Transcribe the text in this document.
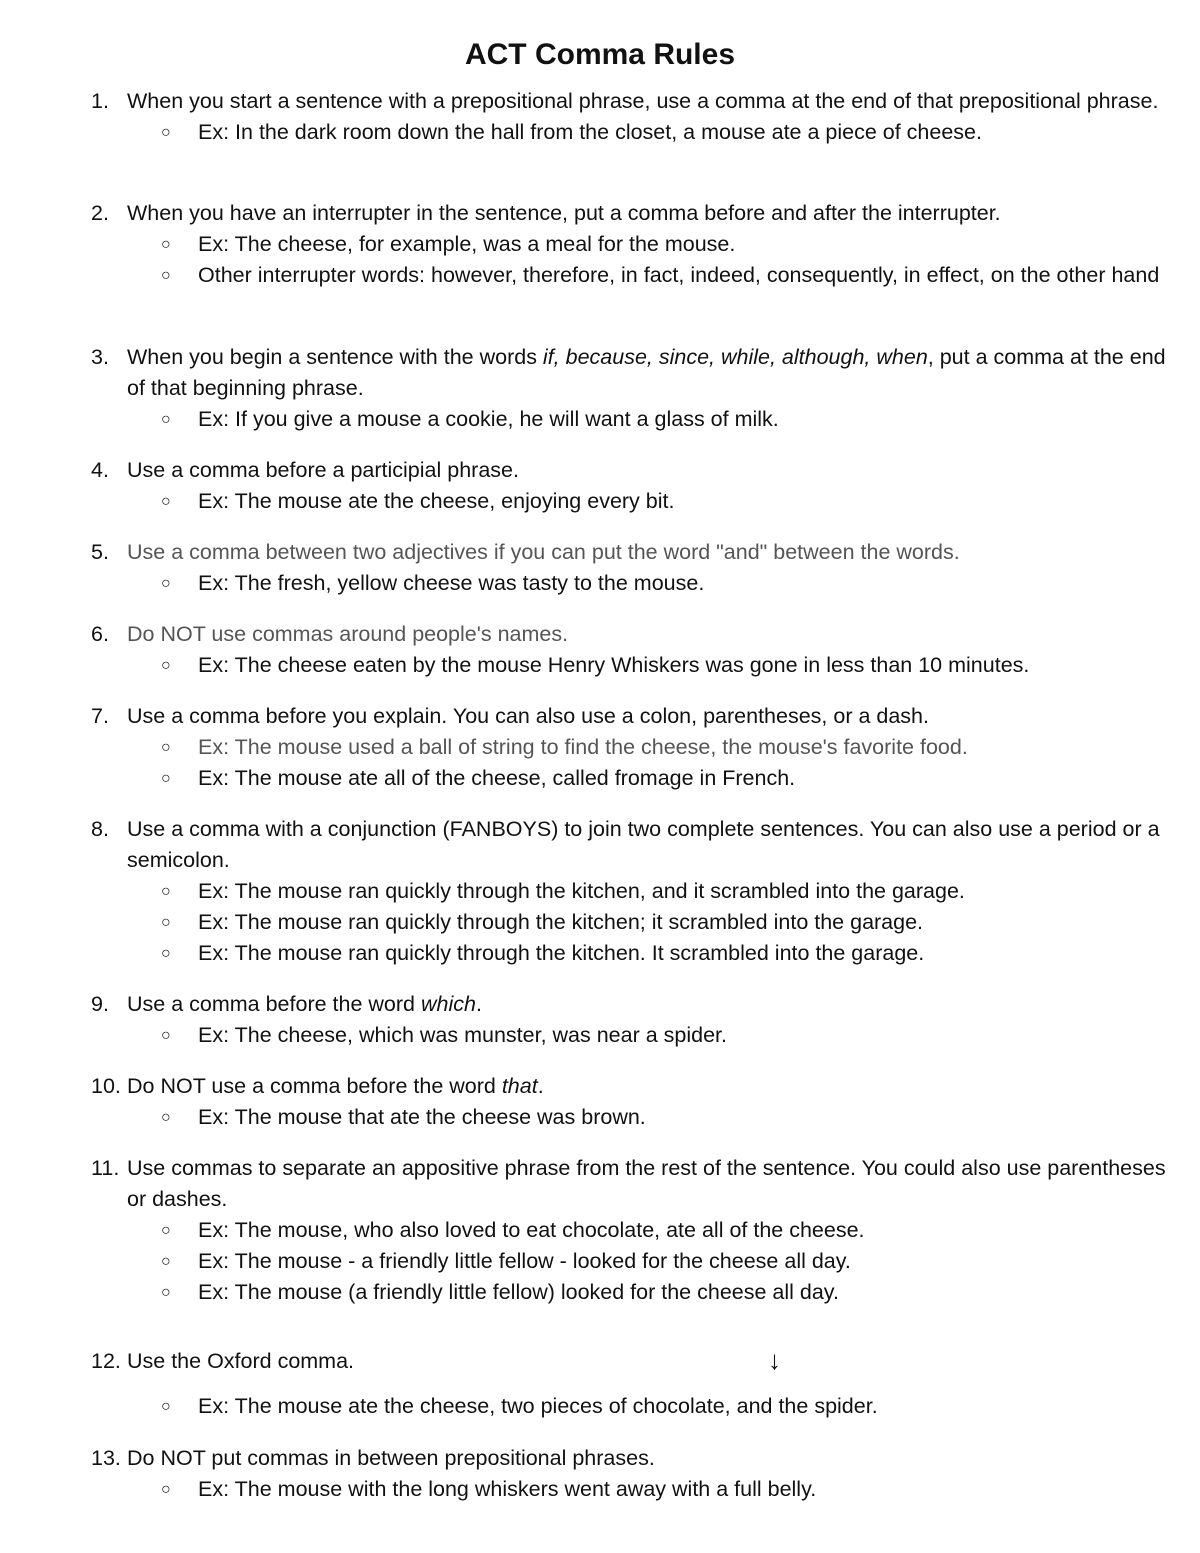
ACT Comma Rules
1. When you start a sentence with a prepositional phrase, use a comma at the end of that prepositional phrase.
○ Ex: In the dark room down the hall from the closet, a mouse ate a piece of cheese.
2. When you have an interrupter in the sentence, put a comma before and after the interrupter.
○ Ex: The cheese, for example, was a meal for the mouse.
○ Other interrupter words: however, therefore, in fact, indeed, consequently, in effect, on the other hand
3. When you begin a sentence with the words if, because, since, while, although, when, put a comma at the end of that beginning phrase.
○ Ex: If you give a mouse a cookie, he will want a glass of milk.
4. Use a comma before a participial phrase.
○ Ex: The mouse ate the cheese, enjoying every bit.
5. Use a comma between two adjectives if you can put the word "and" between the words.
○ Ex: The fresh, yellow cheese was tasty to the mouse.
6. Do NOT use commas around people's names.
○ Ex: The cheese eaten by the mouse Henry Whiskers was gone in less than 10 minutes.
7. Use a comma before you explain. You can also use a colon, parentheses, or a dash.
○ Ex: The mouse used a ball of string to find the cheese, the mouse's favorite food.
○ Ex: The mouse ate all of the cheese, called fromage in French.
8. Use a comma with a conjunction (FANBOYS) to join two complete sentences. You can also use a period or a semicolon.
○ Ex: The mouse ran quickly through the kitchen, and it scrambled into the garage.
○ Ex: The mouse ran quickly through the kitchen; it scrambled into the garage.
○ Ex: The mouse ran quickly through the kitchen. It scrambled into the garage.
9. Use a comma before the word which.
○ Ex: The cheese, which was munster, was near a spider.
10. Do NOT use a comma before the word that.
○ Ex: The mouse that ate the cheese was brown.
11. Use commas to separate an appositive phrase from the rest of the sentence. You could also use parentheses or dashes.
○ Ex: The mouse, who also loved to eat chocolate, ate all of the cheese.
○ Ex: The mouse - a friendly little fellow - looked for the cheese all day.
○ Ex: The mouse (a friendly little fellow) looked for the cheese all day.
12. Use the Oxford comma.	↓
○ Ex: The mouse ate the cheese, two pieces of chocolate, and the spider.
13. Do NOT put commas in between prepositional phrases.
○ Ex: The mouse with the long whiskers went away with a full belly.
